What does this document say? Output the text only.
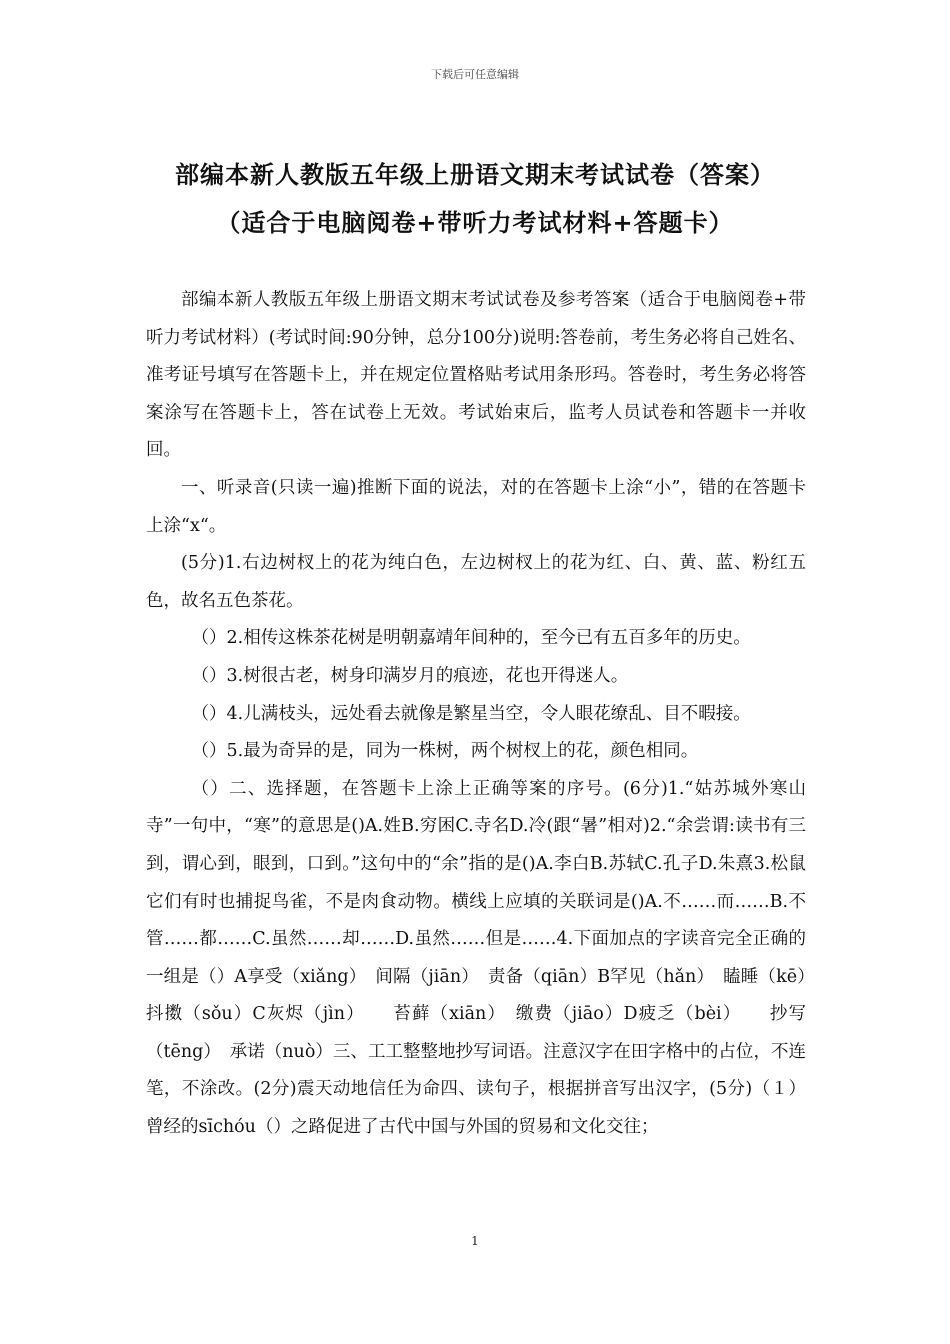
下载后可任意编辑
部编本新人教版五年级上册语文期末考试试卷（答案）
（适合于电脑阅卷+带听力考试材料+答题卡）

部编本新人教版五年级上册语文期末考试试卷及参考答案（适合于电脑阅卷+带听力考试材料）(考试时间:90分钟，总分100分)说明:答卷前，考生务必将自己姓名、准考证号填写在答题卡上，并在规定位置格贴考试用条形玛。答卷时，考生务必将答案涂写在答题卡上，答在试卷上无效。考试始束后，监考人员试卷和答题卡一并收回。

一、听录音(只读一遍)推断下面的说法，对的在答题卡上涂“小”，错的在答题卡上涂“x“。

(5分)1.右边树杈上的花为纯白色，左边树杈上的花为红、白、黄、蓝、粉红五色，故名五色茶花。

（）2.相传这株茶花树是明朝嘉靖年间种的，至今已有五百多年的历史。

（）3.树很古老，树身印满岁月的痕迹，花也开得迷人。

（）4.儿满枝头，远处看去就像是繁星当空，令人眼花缭乱、目不暇接。

（）5.最为奇异的是，同为一株树，两个树杈上的花，颜色相同。

（）二、选择题，在答题卡上涂上正确等案的序号。(6分)1.“姑苏城外寒山寺”一句中，“寒”的意思是()A.姓B.穷困C.寺名D.冷(跟“暑”相对)2.“余尝谓:读书有三到，谓心到，眼到，口到。”这句中的“余”指的是()A.李白B.苏轼C.孔子D.朱熹3.松鼠它们有时也捕捉鸟雀，不是肉食动物。横线上应填的关联词是()A.不……而……B.不管……都……C.虽然……却……D.虽然……但是……4.下面加点的字读音完全正确的一组是（）A享受（xiǎng）　间隔（jiān）　责备（qiān）B罕见（hǎn）　瞌睡（kē）　抖擞（sǒu）C灰烬（jìn）　　苔藓（xiān）　缴费（jiāo）D疲乏（bèi）　　抄写（tēng）　承诺（nuò）三、工工整整地抄写词语。注意汉字在田字格中的占位，不连笔，不涂改。(2分)震天动地信任为命四、读句子，根据拼音写出汉字，(5分)（１）曾经的sīchóu（）之路促进了古代中国与外国的贸易和文化交往；

1
